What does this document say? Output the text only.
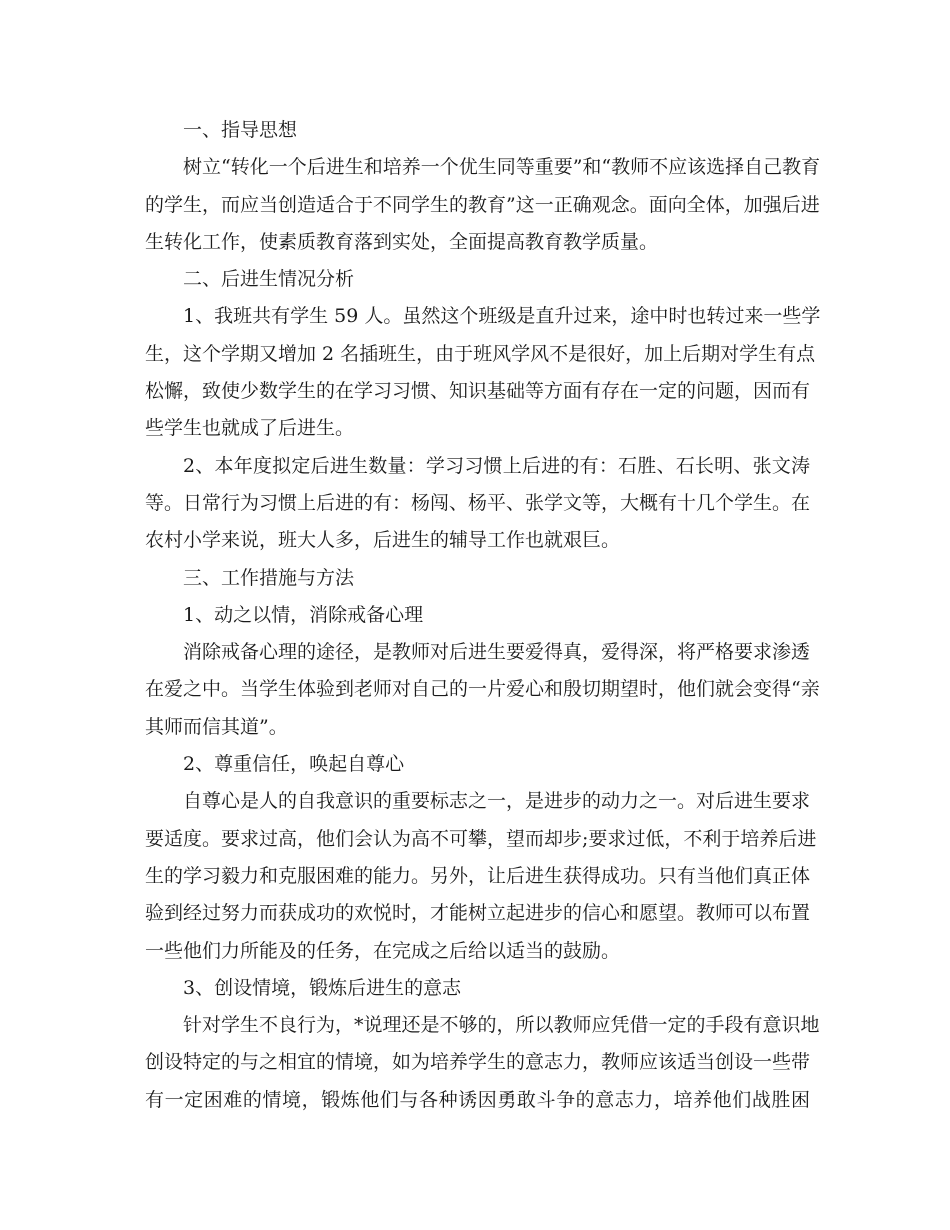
一、指导思想
树立“转化一个后进生和培养一个优生同等重要”和“教师不应该选择自己教育
的学生，而应当创造适合于不同学生的教育”这一正确观念。面向全体，加强后进
生转化工作，使素质教育落到实处，全面提高教育教学质量。
二、后进生情况分析
1、我班共有学生 59 人。虽然这个班级是直升过来，途中时也转过来一些学
生，这个学期又增加 2 名插班生，由于班风学风不是很好，加上后期对学生有点
松懈，致使少数学生的在学习习惯、知识基础等方面有存在一定的问题，因而有
些学生也就成了后进生。
2、本年度拟定后进生数量：学习习惯上后进的有：石胜、石长明、张文涛
等。日常行为习惯上后进的有：杨闯、杨平、张学文等，大概有十几个学生。在
农村小学来说，班大人多，后进生的辅导工作也就艰巨。
三、工作措施与方法
1、动之以情，消除戒备心理
消除戒备心理的途径，是教师对后进生要爱得真，爱得深，将严格要求渗透
在爱之中。当学生体验到老师对自己的一片爱心和殷切期望时，他们就会变得“亲
其师而信其道”。
2、尊重信任，唤起自尊心
自尊心是人的自我意识的重要标志之一，是进步的动力之一。对后进生要求
要适度。要求过高，他们会认为高不可攀，望而却步;要求过低，不利于培养后进
生的学习毅力和克服困难的能力。另外，让后进生获得成功。只有当他们真正体
验到经过努力而获成功的欢悦时，才能树立起进步的信心和愿望。教师可以布置
一些他们力所能及的任务，在完成之后给以适当的鼓励。
3、创设情境，锻炼后进生的意志
针对学生不良行为，*说理还是不够的，所以教师应凭借一定的手段有意识地
创设特定的与之相宜的情境，如为培养学生的意志力，教师应该适当创设一些带
有一定困难的情境，锻炼他们与各种诱因勇敢斗争的意志力，培养他们战胜困
